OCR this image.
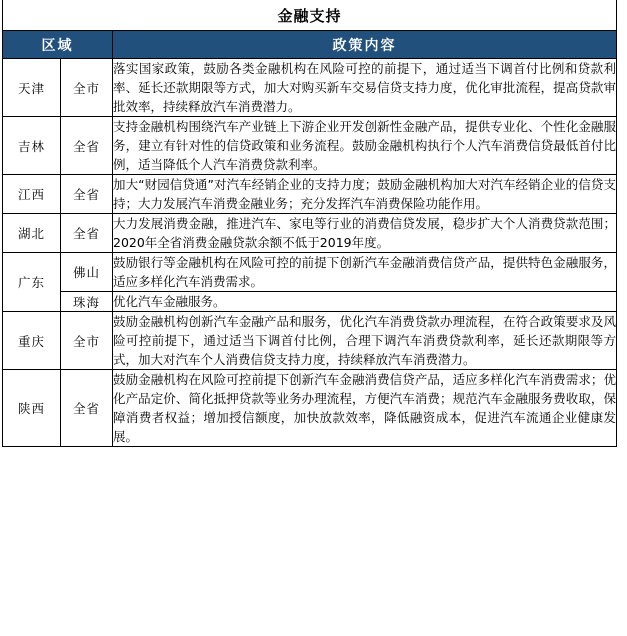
金融支持		
区域		政策内容
天津	全市	落实国家政策，鼓励各类金融机构在风险可控的前提下，通过适当下调首付比例和贷款利率、延长还款期限等方式，加大对购买新车交易信贷支持力度，优化审批流程，提高贷款审批效率，持续释放汽车消费潜力。

吉林	全省	支持金融机构围绕汽车产业链上下游企业开发创新性金融产品，提供专业化、个性化金融服务，建立有针对性的信贷政策和业务流程。鼓励金融机构执行个人汽车消费信贷最低首付比例，适当降低个人汽车消费贷款利率。

江西	全省	加大“财园信贷通”对汽车经销企业的支持力度；鼓励金融机构加大对汽车经销企业的信贷支持；大力发展汽车消费金融业务；充分发挥汽车消费保险功能作用。

湖北	全省	大力发展消费金融，推进汽车、家电等行业的消费信贷发展，稳步扩大个人消费贷款范围；2020年全省消费金融贷款余额不低于2019年度。

广东	佛山	鼓励银行等金融机构在风险可控的前提下创新汽车金融消费信贷产品，提供特色金融服务，适应多样化汽车消费需求。

	珠海	优化汽车金融服务。

重庆	全市	鼓励金融机构创新汽车金融产品和服务，优化汽车消费贷款办理流程，在符合政策要求及风险可控前提下，通过适当下调首付比例，合理下调汽车消费贷款利率，延长还款期限等方式，加大对汽车个人消费信贷支持力度，持续释放汽车消费潜力。

陕西	全省	鼓励金融机构在风险可控前提下创新汽车金融消费信贷产品，适应多样化汽车消费需求；优化产品定价、简化抵押贷款等业务办理流程，方便汽车消费；规范汽车金融服务费收取，保障消费者权益；增加授信额度，加快放款效率，降低融资成本，促进汽车流通企业健康发展。
